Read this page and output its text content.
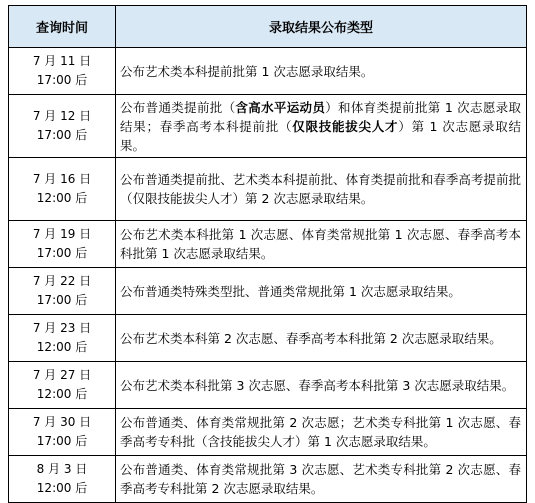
查询时间	录取结果公布类型

7 月 11 日
17:00 后	公布艺术类本科提前批第 1 次志愿录取结果。

7 月 12 日
17:00 后	公布普通类提前批（含高水平运动员）和体育类提前批第 1 次志愿录取结果；春季高考本科提前批（仅限技能拔尖人才）第 1 次志愿录取结果。

7 月 16 日
12:00 后	公布普通类提前批、艺术类本科提前批、体育类提前批和春季高考提前批（仅限技能拔尖人才）第 2 次志愿录取结果。

7 月 19 日
17:00 后	公布艺术类本科批第 1 次志愿、体育类常规批第 1 次志愿、春季高考本科批第 1 次志愿录取结果。

7 月 22 日
17:00 后	公布普通类特殊类型批、普通类常规批第 1 次志愿录取结果。

7 月 23 日
12:00 后	公布艺术类本科第 2 次志愿、春季高考本科批第 2 次志愿录取结果。

7 月 27 日
12:00 后	公布艺术类本科批第 3 次志愿、春季高考本科批第 3 次志愿录取结果。

7 月 30 日
17:00 后	公布普通类、体育类常规批第 2 次志愿；艺术类专科批第 1 次志愿、春季高考专科批（含技能拔尖人才）第 1 次志愿录取结果。

8 月 3 日
12:00 后	公布普通类、体育类常规批第 3 次志愿、艺术类专科批第 2 次志愿、春季高考专科批第 2 次志愿录取结果。
